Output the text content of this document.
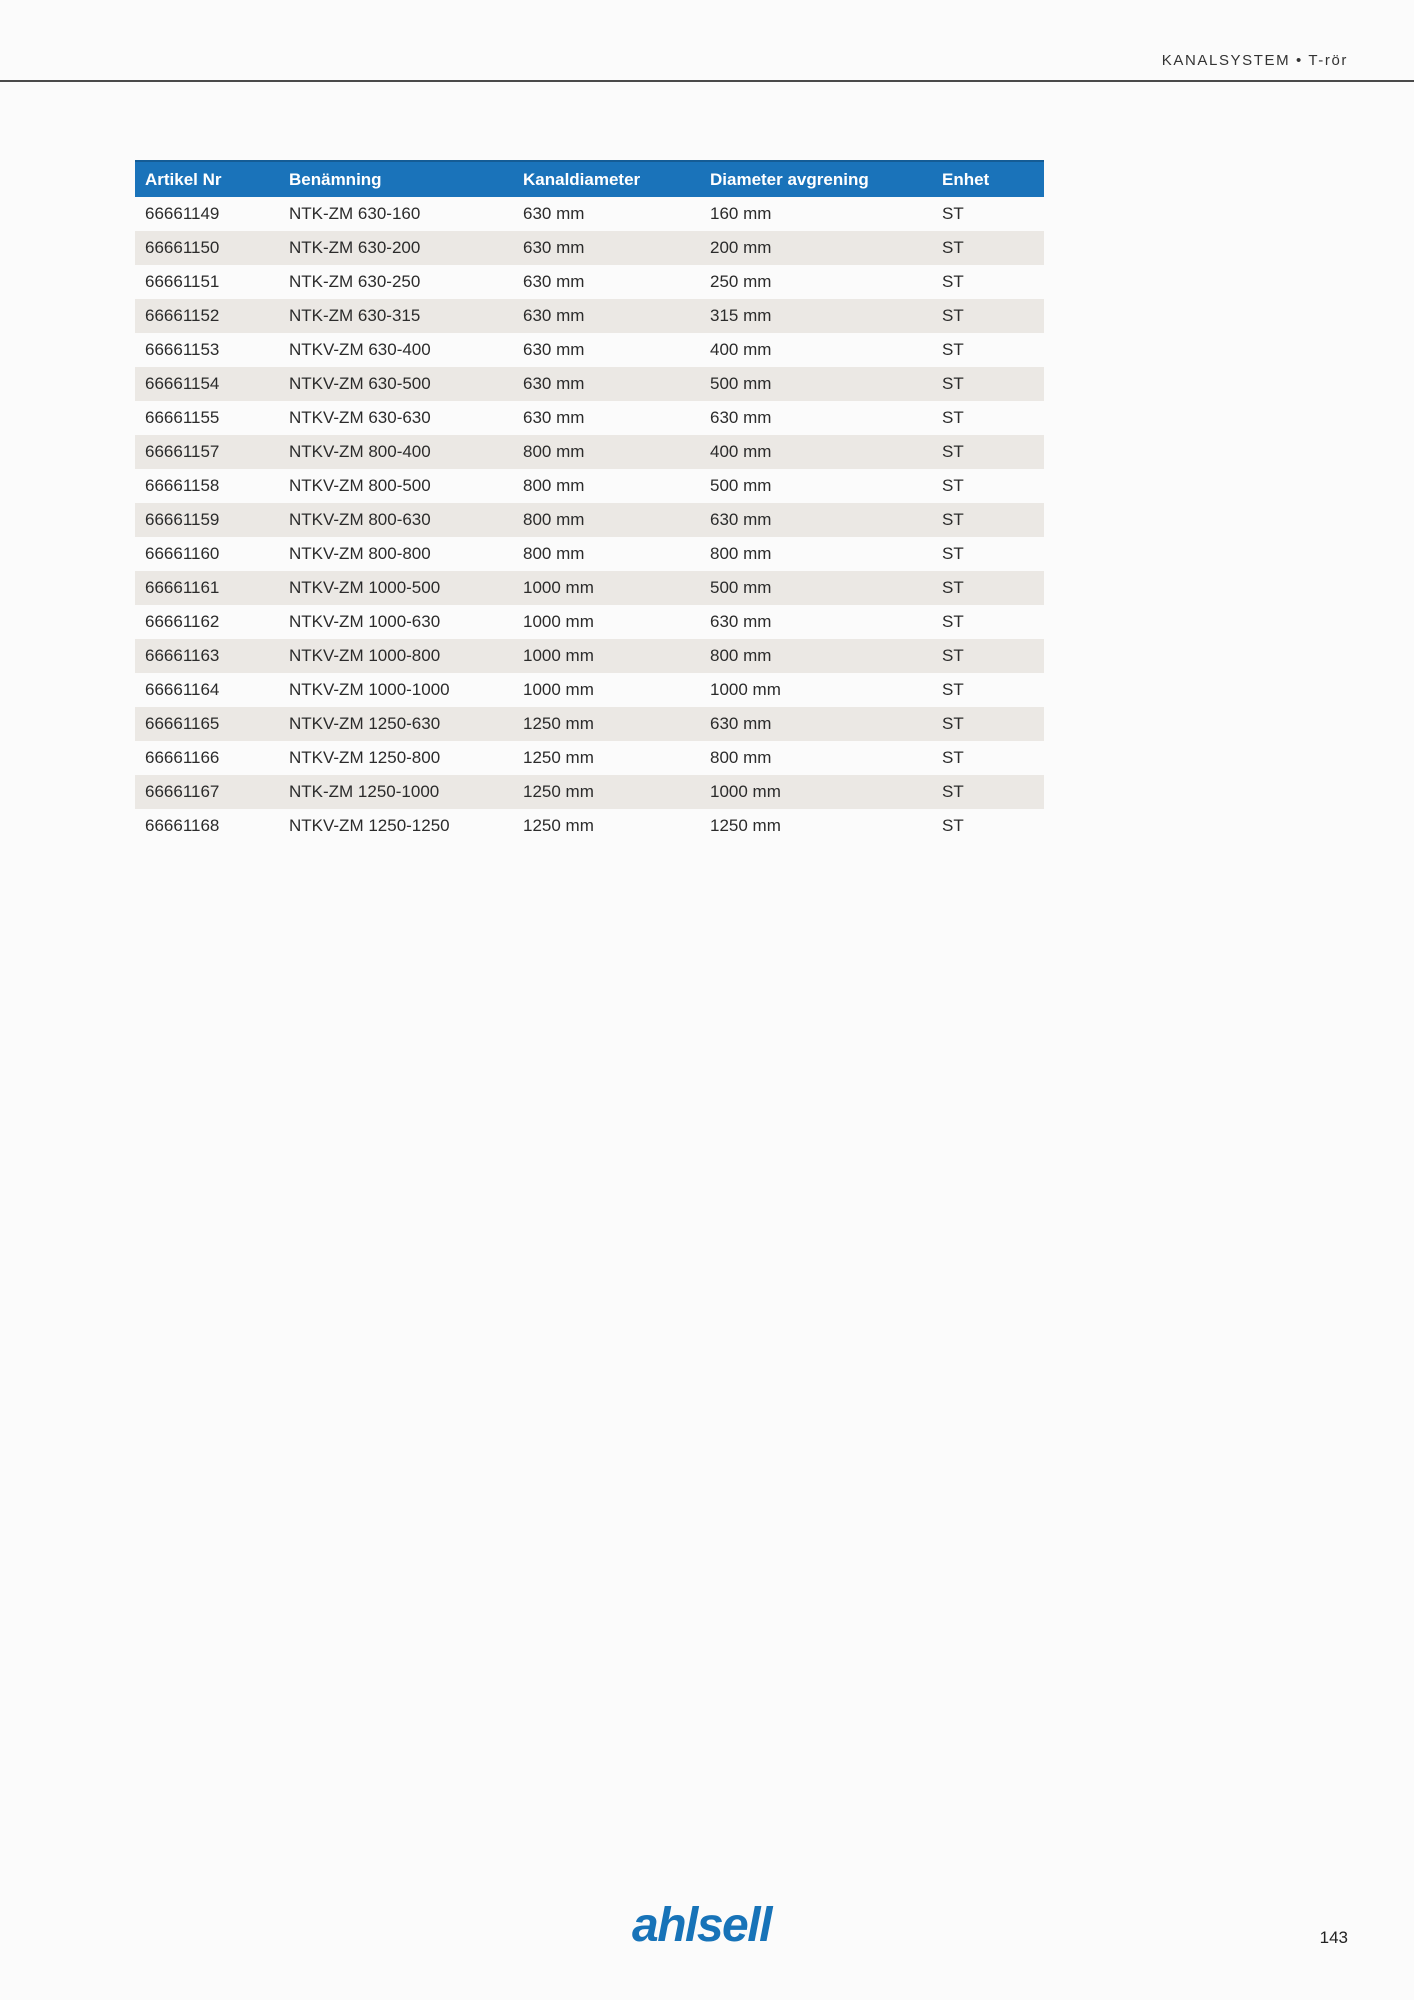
KANALSYSTEM • T-rör
Artikel Nr	Benämning	Kanaldiameter	Diameter avgrening	Enhet
66661149	NTK-ZM 630-160	630 mm	160 mm	ST
66661150	NTK-ZM 630-200	630 mm	200 mm	ST
66661151	NTK-ZM 630-250	630 mm	250 mm	ST
66661152	NTK-ZM 630-315	630 mm	315 mm	ST
66661153	NTKV-ZM 630-400	630 mm	400 mm	ST
66661154	NTKV-ZM 630-500	630 mm	500 mm	ST
66661155	NTKV-ZM 630-630	630 mm	630 mm	ST
66661157	NTKV-ZM 800-400	800 mm	400 mm	ST
66661158	NTKV-ZM 800-500	800 mm	500 mm	ST
66661159	NTKV-ZM 800-630	800 mm	630 mm	ST
66661160	NTKV-ZM 800-800	800 mm	800 mm	ST
66661161	NTKV-ZM 1000-500	1000 mm	500 mm	ST
66661162	NTKV-ZM 1000-630	1000 mm	630 mm	ST
66661163	NTKV-ZM 1000-800	1000 mm	800 mm	ST
66661164	NTKV-ZM 1000-1000	1000 mm	1000 mm	ST
66661165	NTKV-ZM 1250-630	1250 mm	630 mm	ST
66661166	NTKV-ZM 1250-800	1250 mm	800 mm	ST
66661167	NTK-ZM 1250-1000	1250 mm	1000 mm	ST
66661168	NTKV-ZM 1250-1250	1250 mm	1250 mm	ST
ahlsell	143
